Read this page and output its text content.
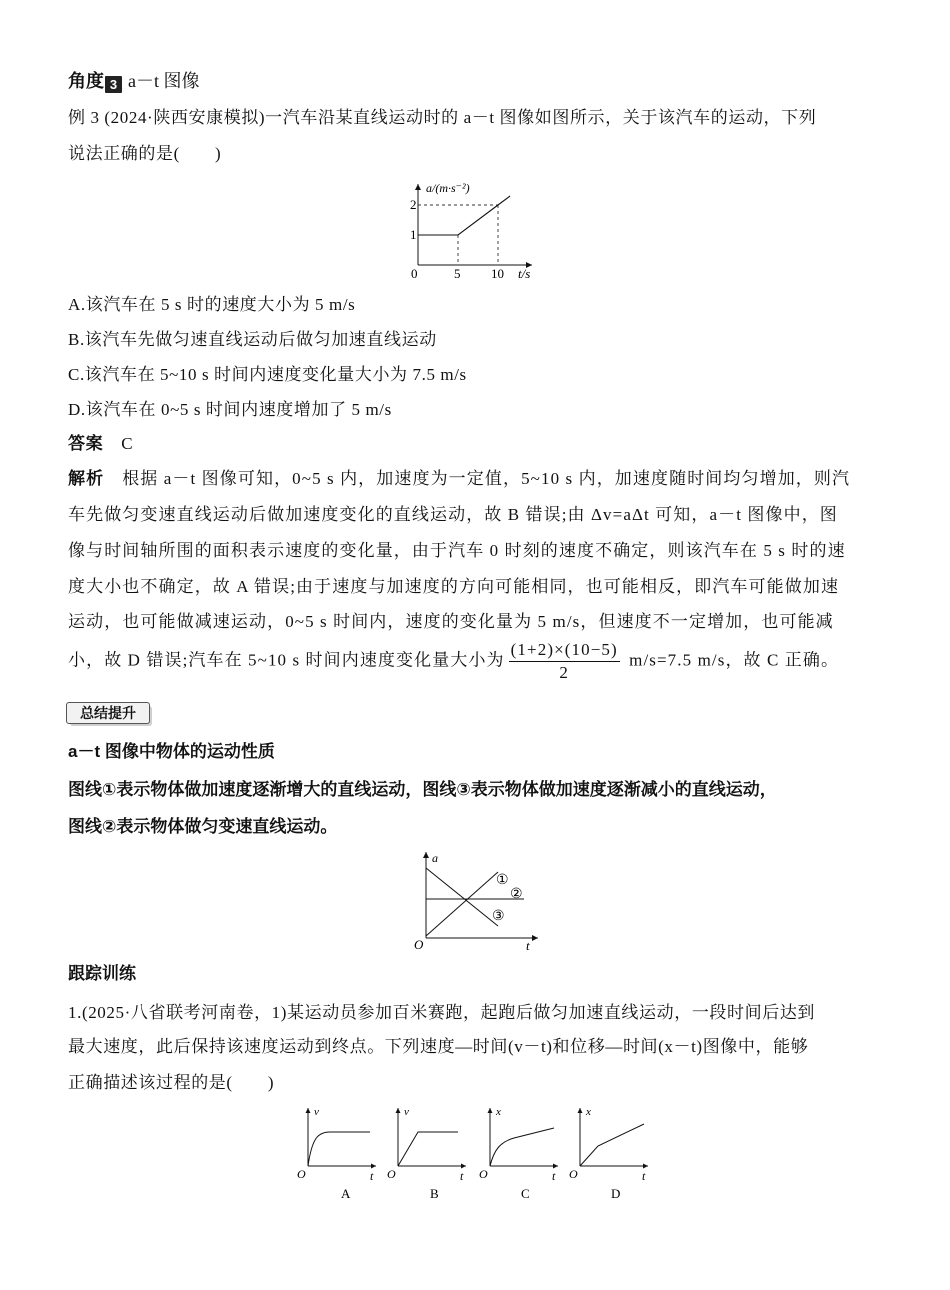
角度 3 a－t 图像
例 3 (2024·陕西安康模拟)一汽车沿某直线运动时的 a－t 图像如图所示，关于该汽车的运动，下列
说法正确的是(　　)
a/(m·s⁻²)
t/s
0
1
2
5 10
A.该汽车在 5 s 时的速度大小为 5 m/s
B.该汽车先做匀速直线运动后做匀加速直线运动
C.该汽车在 5~10 s 时间内速度变化量大小为 7.5 m/s
D.该汽车在 0~5 s 时间内速度增加了 5 m/s
答案 C
解析 根据 a－t 图像可知，0~5 s 内，加速度为一定值，5~10 s 内，加速度随时间均匀增加，则汽
车先做匀变速直线运动后做加速度变化的直线运动，故 B 错误;由 Δv=aΔt 可知，a－t 图像中，图
像与时间轴所围的面积表示速度的变化量，由于汽车 0 时刻的速度不确定，则该汽车在 5 s 时的速
度大小也不确定，故 A 错误;由于速度与加速度的方向可能相同，也可能相反，即汽车可能做加速
运动，也可能做减速运动，0~5 s 时间内，速度的变化量为 5 m/s，但速度不一定增加，也可能减
小，故 D 错误;汽车在 5~10 s 时间内速度变化量大小为 $\frac{(1+2)\times(10-5)}{2} m/s=7.5$ m/s，故 C 正确。
总结提升
a－t 图像中物体的运动性质
图线①表示物体做加速度逐渐增大的直线运动，图线③表示物体做加速度逐渐减小的直线运动，
图线②表示物体做匀变速直线运动。
a
t
O
①
②
③
跟踪训练
1.(2025·八省联考河南卷，1)某运动员参加百米赛跑，起跑后做匀加速直线运动，一段时间后达到
最大速度，此后保持该速度运动到终点。下列速度—时间(v－t)和位移—时间(x－t)图像中，能够
正确描述该过程的是(　　)
v
t
O
A
v
t
O
B
x
t
O
C
x
t
O
D
